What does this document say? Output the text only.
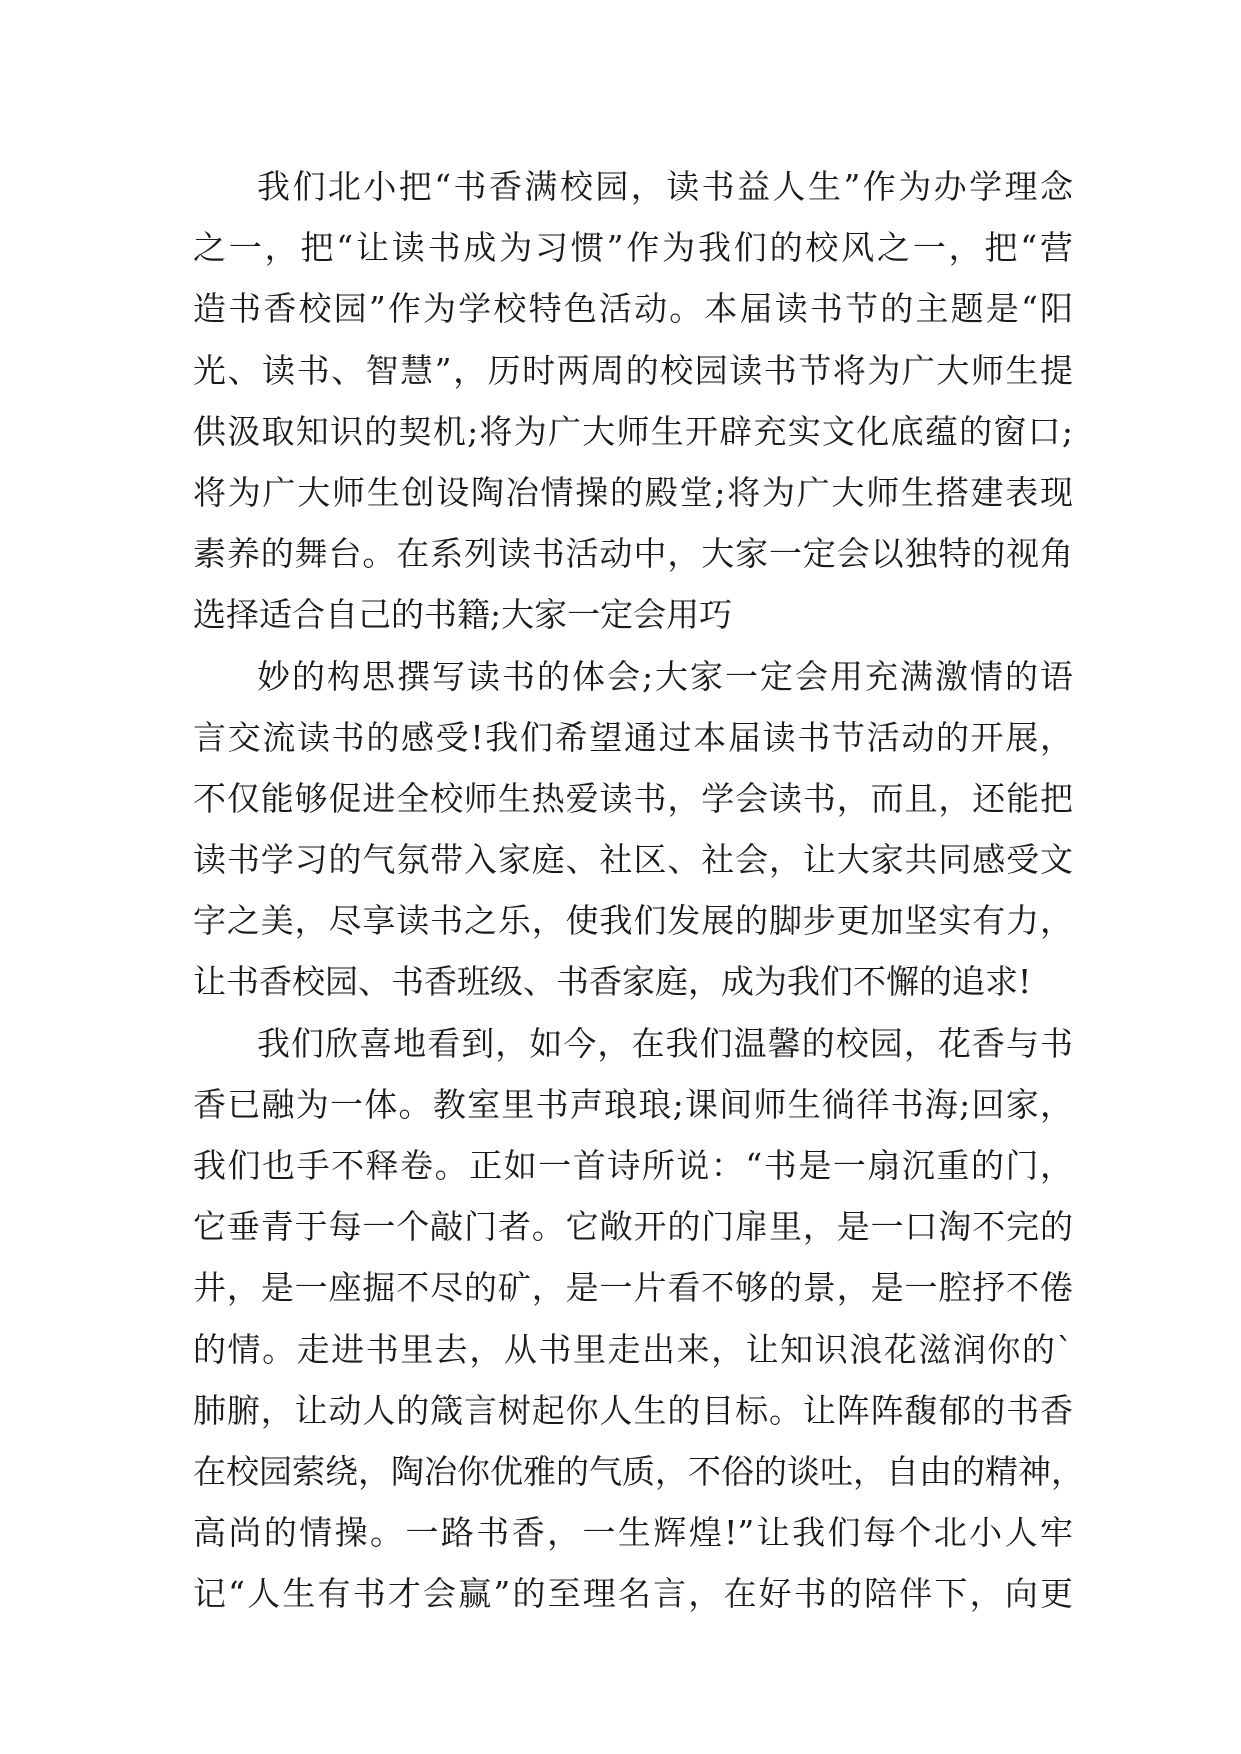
我们北小把“书香满校园，读书益人生”作为办学理念
之一，把“让读书成为习惯”作为我们的校风之一，把“营
造书香校园”作为学校特色活动。本届读书节的主题是“阳
光、读书、智慧”，历时两周的校园读书节将为广大师生提
供汲取知识的契机;将为广大师生开辟充实文化底蕴的窗口;
将为广大师生创设陶冶情操的殿堂;将为广大师生搭建表现
素养的舞台。在系列读书活动中，大家一定会以独特的视角
选择适合自己的书籍;大家一定会用巧
妙的构思撰写读书的体会;大家一定会用充满激情的语
言交流读书的感受!我们希望通过本届读书节活动的开展，
不仅能够促进全校师生热爱读书，学会读书，而且，还能把
读书学习的气氛带入家庭、社区、社会，让大家共同感受文
字之美，尽享读书之乐，使我们发展的脚步更加坚实有力，
让书香校园、书香班级、书香家庭，成为我们不懈的追求!
我们欣喜地看到，如今，在我们温馨的校园，花香与书
香已融为一体。教室里书声琅琅;课间师生徜徉书海;回家，
我们也手不释卷。正如一首诗所说：“书是一扇沉重的门，
它垂青于每一个敲门者。它敞开的门扉里，是一口淘不完的
井，是一座掘不尽的矿，是一片看不够的景，是一腔抒不倦
的情。走进书里去，从书里走出来，让知识浪花滋润你的`
肺腑，让动人的箴言树起你人生的目标。让阵阵馥郁的书香
在校园萦绕，陶冶你优雅的气质，不俗的谈吐，自由的精神，
高尚的情操。一路书香，一生辉煌!”让我们每个北小人牢
记“人生有书才会赢”的至理名言，在好书的陪伴下，向更
